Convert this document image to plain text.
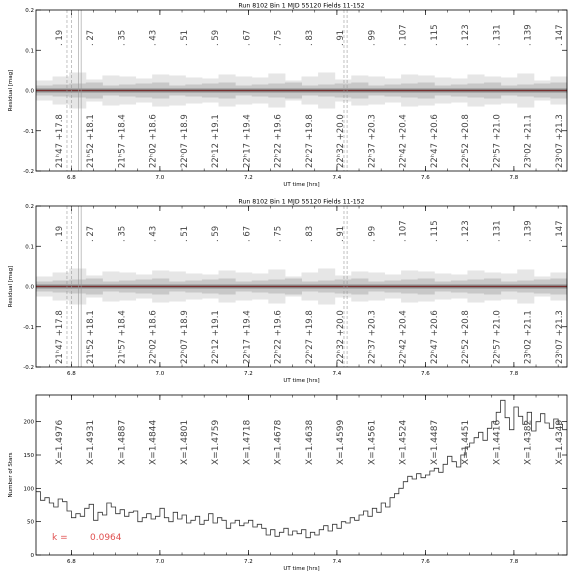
Run 8102 Bin 1 MJD 55120 Fields 11-152
6.8	7.0	7.2	7.4	7.6	7.8
-0.2
-0.1
0.0
0.1
0.2
UT time [hrs]
Residual [mag]
. 19 . 27 . 35 . 43 . 51 . 59 . 67 . 75 . 83 . 91 . 99 . 107 . 115 . 123 . 131 . 139 . 147
21ʰ47 +17.8 21ʰ52 +18.1 21ʰ57 +18.4 22ʰ02 +18.6 22ʰ07 +18.9 22ʰ12 +19.1 22ʰ17 +19.4 22ʰ22 +19.6 22ʰ27 +19.8 22ʰ32 +20.0 22ʰ37 +20.3 22ʰ42 +20.4 22ʰ47 +20.6 22ʰ52 +20.8 22ʰ57 +21.0 23ʰ02 +21.1 23ʰ07 +21.3
Run 8102 Bin 1 MJD 55120 Fields 11-152
6.8	7.0	7.2	7.4	7.6	7.8
-0.2
-0.1
0.0
0.1
0.2
UT time [hrs]
Residual [mag]
. 19 . 27 . 35 . 43 . 51 . 59 . 67 . 75 . 83 . 91 . 99 . 107 . 115 . 123 . 131 . 139 . 147
21ʰ47 +17.8 21ʰ52 +18.1 21ʰ57 +18.4 22ʰ02 +18.6 22ʰ07 +18.9 22ʰ12 +19.1 22ʰ17 +19.4 22ʰ22 +19.6 22ʰ27 +19.8 22ʰ32 +20.0 22ʰ37 +20.3 22ʰ42 +20.4 22ʰ47 +20.6 22ʰ52 +20.8 22ʰ57 +21.0 23ʰ02 +21.1 23ʰ07 +21.3
6.8	7.0	7.2	7.4	7.6	7.8
0
50
100
150
200
UT time [hrs]
Number of Stars
X=1.4976 X=1.4931 X=1.4887 X=1.4844 X=1.4801 X=1.4759 X=1.4718 X=1.4678 X=1.4638 X=1.4599 X=1.4561 X=1.4524 X=1.4487 X=1.4451 X=1.4416 X=1.4382 X=1.4349
k = 0.0964
